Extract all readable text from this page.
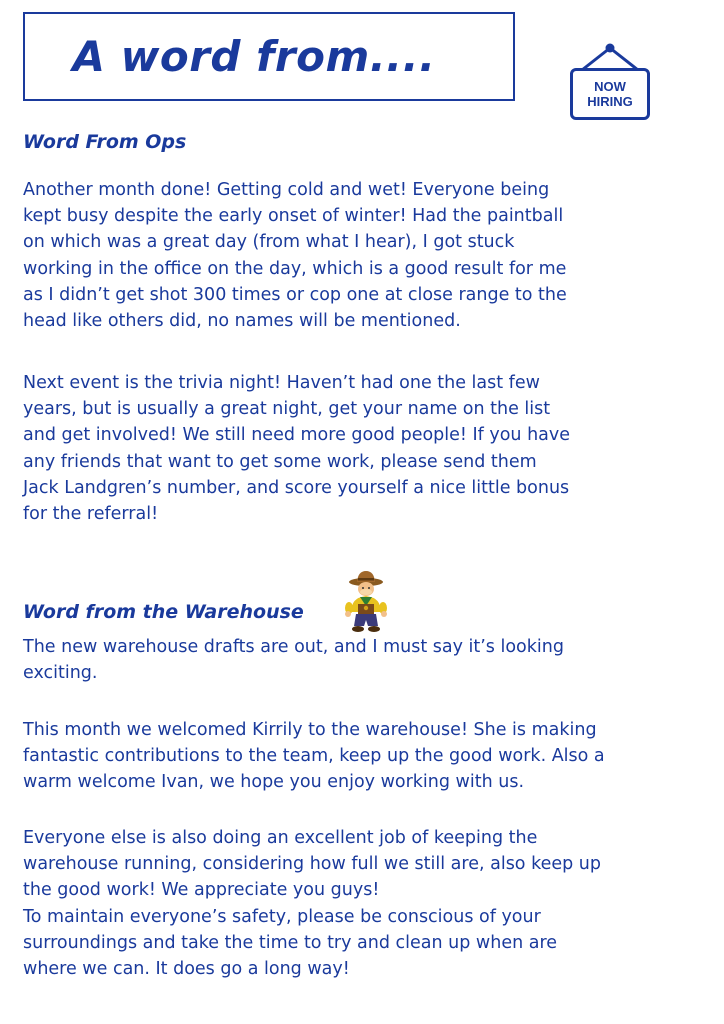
A word from....
NOW
HIRING
Word From Ops

Another month done! Getting cold and wet! Everyone being
kept busy despite the early onset of winter! Had the paintball
on which was a great day (from what I hear), I got stuck
working in the office on the day, which is a good result for me
as I didn’t get shot 300 times or cop one at close range to the
head like others did, no names will be mentioned.

Next event is the trivia night! Haven’t had one the last few
years, but is usually a great night, get your name on the list
and get involved! We still need more good people! If you have
any friends that want to get some work, please send them
Jack Landgren’s number, and score yourself a nice little bonus
for the referral!

Word from the Warehouse

The new warehouse drafts are out, and I must say it’s looking
exciting.

This month we welcomed Kirrily to the warehouse! She is making
fantastic contributions to the team, keep up the good work. Also a
warm welcome Ivan, we hope you enjoy working with us.

Everyone else is also doing an excellent job of keeping the
warehouse running, considering how full we still are, also keep up
the good work! We appreciate you guys!
To maintain everyone’s safety, please be conscious of your
surroundings and take the time to try and clean up when are
where we can. It does go a long way!
